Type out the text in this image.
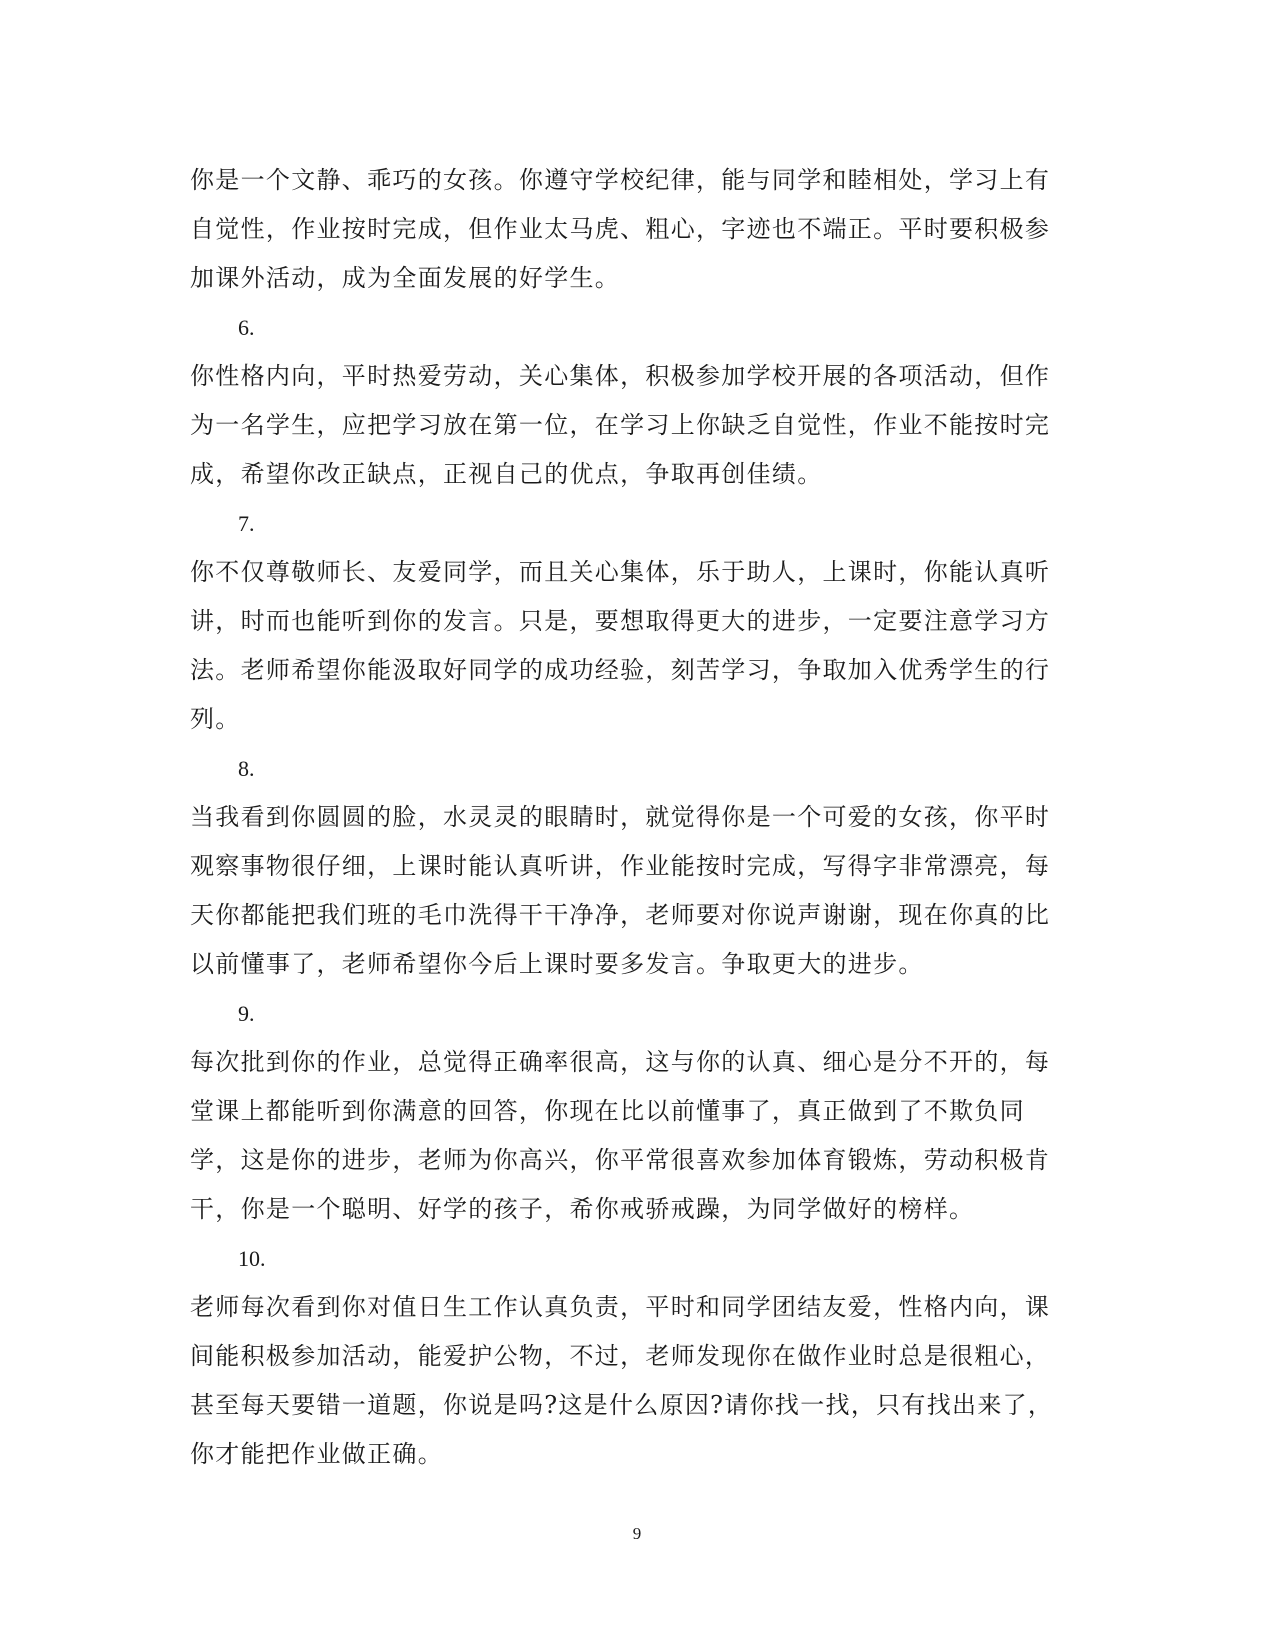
你是一个文静、乖巧的女孩。你遵守学校纪律，能与同学和睦相处，学习上有自觉性，作业按时完成，但作业太马虎、粗心，字迹也不端正。平时要积极参加课外活动，成为全面发展的好学生。

6.

你性格内向，平时热爱劳动，关心集体，积极参加学校开展的各项活动，但作为一名学生，应把学习放在第一位，在学习上你缺乏自觉性，作业不能按时完成，希望你改正缺点，正视自己的优点，争取再创佳绩。

7.

你不仅尊敬师长、友爱同学，而且关心集体，乐于助人，上课时，你能认真听讲，时而也能听到你的发言。只是，要想取得更大的进步，一定要注意学习方法。老师希望你能汲取好同学的成功经验，刻苦学习，争取加入优秀学生的行列。

8.

当我看到你圆圆的脸，水灵灵的眼睛时，就觉得你是一个可爱的女孩，你平时观察事物很仔细，上课时能认真听讲，作业能按时完成，写得字非常漂亮，每天你都能把我们班的毛巾洗得干干净净，老师要对你说声谢谢，现在你真的比以前懂事了，老师希望你今后上课时要多发言。争取更大的进步。

9.

每次批到你的作业，总觉得正确率很高，这与你的认真、细心是分不开的，每堂课上都能听到你满意的回答，你现在比以前懂事了，真正做到了不欺负同学，这是你的进步，老师为你高兴，你平常很喜欢参加体育锻炼，劳动积极肯干，你是一个聪明、好学的孩子，希你戒骄戒躁，为同学做好的榜样。

10.

老师每次看到你对值日生工作认真负责，平时和同学团结友爱，性格内向，课间能积极参加活动，能爱护公物，不过，老师发现你在做作业时总是很粗心，甚至每天要错一道题，你说是吗?这是什么原因?请你找一找，只有找出来了，你才能把作业做正确。

9
